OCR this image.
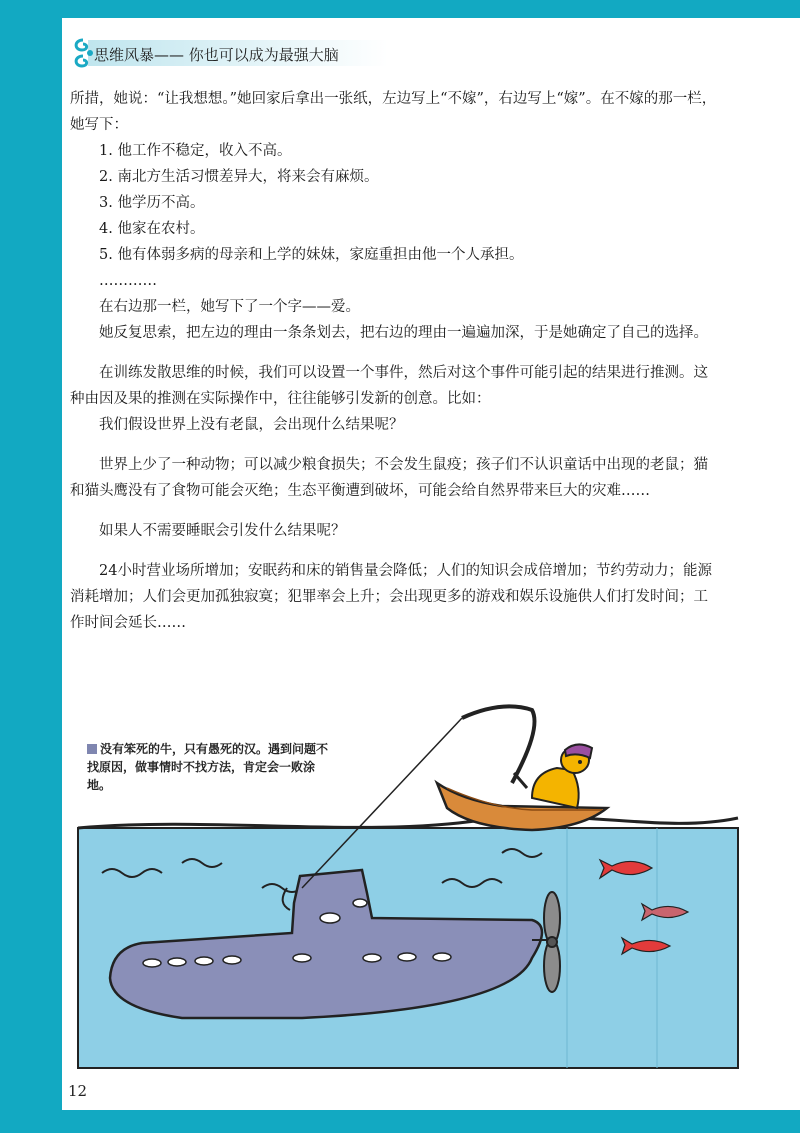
思维风暴—— 你也可以成为最强大脑

所措，她说：“让我想想。”她回家后拿出一张纸，左边写上“不嫁”，右边写上“嫁”。在不嫁的那一栏，她写下：

1. 他工作不稳定，收入不高。

2. 南北方生活习惯差异大，将来会有麻烦。

3. 他学历不高。

4. 他家在农村。

5. 他有体弱多病的母亲和上学的妹妹，家庭重担由他一个人承担。

…………

在右边那一栏，她写下了一个字——爱。

她反复思索，把左边的理由一条条划去，把右边的理由一遍遍加深，于是她确定了自己的选择。

在训练发散思维的时候，我们可以设置一个事件，然后对这个事件可能引起的结果进行推测。这种由因及果的推测在实际操作中，往往能够引发新的创意。比如：

我们假设世界上没有老鼠，会出现什么结果呢？

世界上少了一种动物；可以减少粮食损失；不会发生鼠疫；孩子们不认识童话中出现的老鼠；猫和猫头鹰没有了食物可能会灭绝；生态平衡遭到破坏，可能会给自然界带来巨大的灾难……

如果人不需要睡眠会引发什么结果呢？

24小时营业场所增加；安眠药和床的销售量会降低；人们的知识会成倍增加；节约劳动力；能源消耗增加；人们会更加孤独寂寞；犯罪率会上升；会出现更多的游戏和娱乐设施供人们打发时间；工作时间会延长……

没有笨死的牛，只有愚死的汉。遇到问题不找原因，做事情时不找方法，肯定会一败涂地。
12
